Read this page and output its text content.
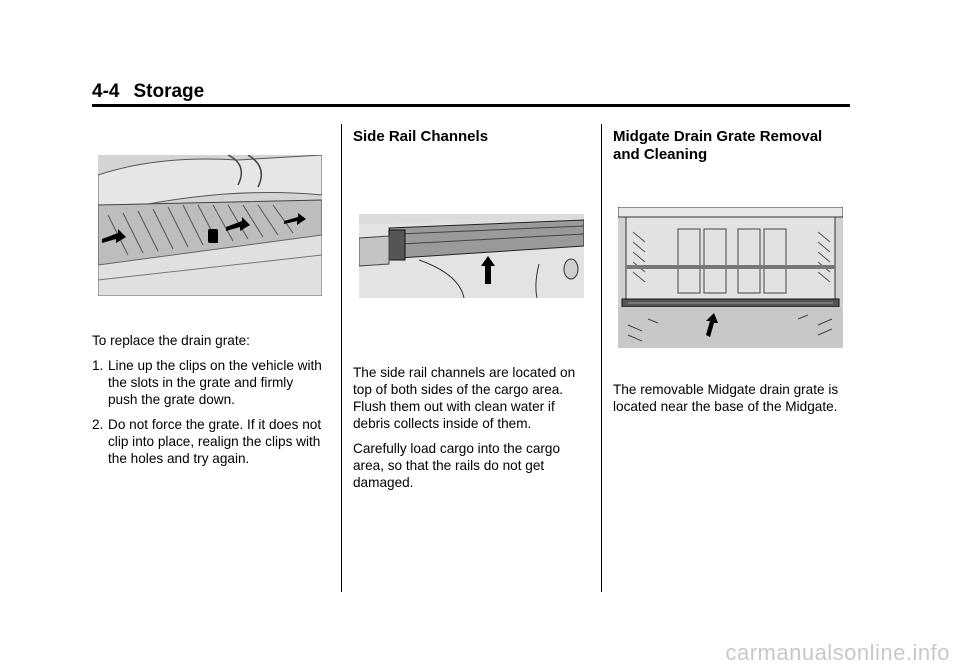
4-4 Storage

To replace the drain grate:

1. Line up the clips on the vehicle with the slots in the grate and firmly push the grate down.
2. Do not force the grate. If it does not clip into place, realign the clips with the holes and try again.
Side Rail Channels

The side rail channels are located on top of both sides of the cargo area. Flush them out with clean water if debris collects inside of them.

Carefully load cargo into the cargo area, so that the rails do not get damaged.

Midgate Drain Grate Removal and Cleaning

The removable Midgate drain grate is located near the base of the Midgate.

carmanualsonline.info
